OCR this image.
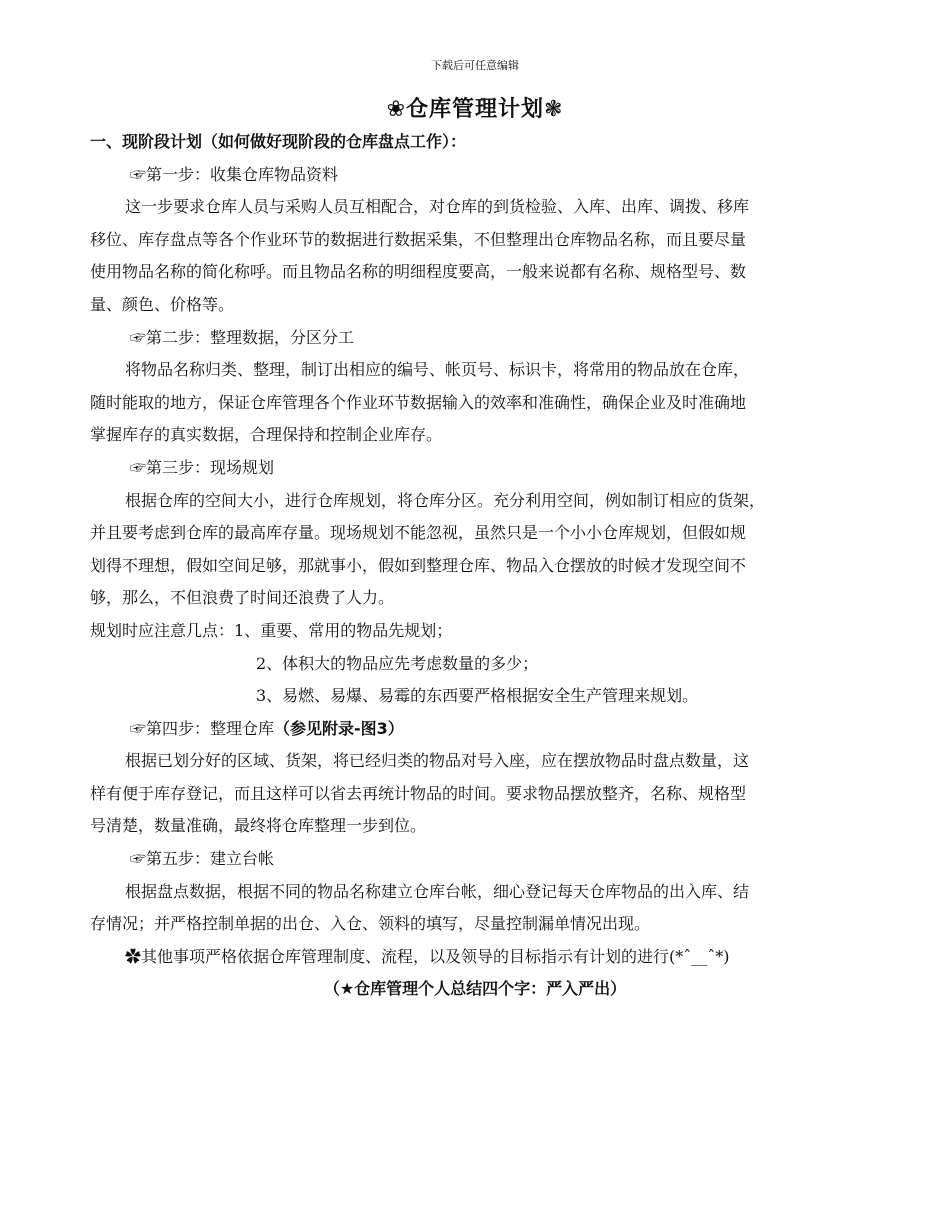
下载后可任意编辑
❀仓库管理计划❃
一、现阶段计划（如何做好现阶段的仓库盘点工作）：
☞第一步：收集仓库物品资料
这一步要求仓库人员与采购人员互相配合，对仓库的到货检验、入库、出库、调拨、移库
移位、库存盘点等各个作业环节的数据进行数据采集，不但整理出仓库物品名称，而且要尽量
使用物品名称的简化称呼。而且物品名称的明细程度要高，一般来说都有名称、规格型号、数
量、颜色、价格等。
☞第二步：整理数据，分区分工
将物品名称归类、整理，制订出相应的编号、帐页号、标识卡，将常用的物品放在仓库，
随时能取的地方，保证仓库管理各个作业环节数据输入的效率和准确性，确保企业及时准确地
掌握库存的真实数据，合理保持和控制企业库存。
☞第三步：现场规划
根据仓库的空间大小，进行仓库规划，将仓库分区。充分利用空间，例如制订相应的货架，
并且要考虑到仓库的最高库存量。现场规划不能忽视，虽然只是一个小小仓库规划，但假如规
划得不理想，假如空间足够，那就事小，假如到整理仓库、物品入仓摆放的时候才发现空间不
够，那么，不但浪费了时间还浪费了人力。
规划时应注意几点：1、重要、常用的物品先规划；
2、体积大的物品应先考虑数量的多少；
3、易燃、易爆、易霉的东西要严格根据安全生产管理来规划。
☞第四步：整理仓库（参见附录-图3）
根据已划分好的区域、货架，将已经归类的物品对号入座，应在摆放物品时盘点数量，这
样有便于库存登记，而且这样可以省去再统计物品的时间。要求物品摆放整齐，名称、规格型
号清楚，数量准确，最终将仓库整理一步到位。
☞第五步：建立台帐
根据盘点数据，根据不同的物品名称建立仓库台帐，细心登记每天仓库物品的出入库、结
存情况；并严格控制单据的出仓、入仓、领料的填写，尽量控制漏单情况出现。
✿其他事项严格依据仓库管理制度、流程，以及领导的目标指示有计划的进行(*ˆ__ˆ*)
（★仓库管理个人总结四个字：严入严出）
